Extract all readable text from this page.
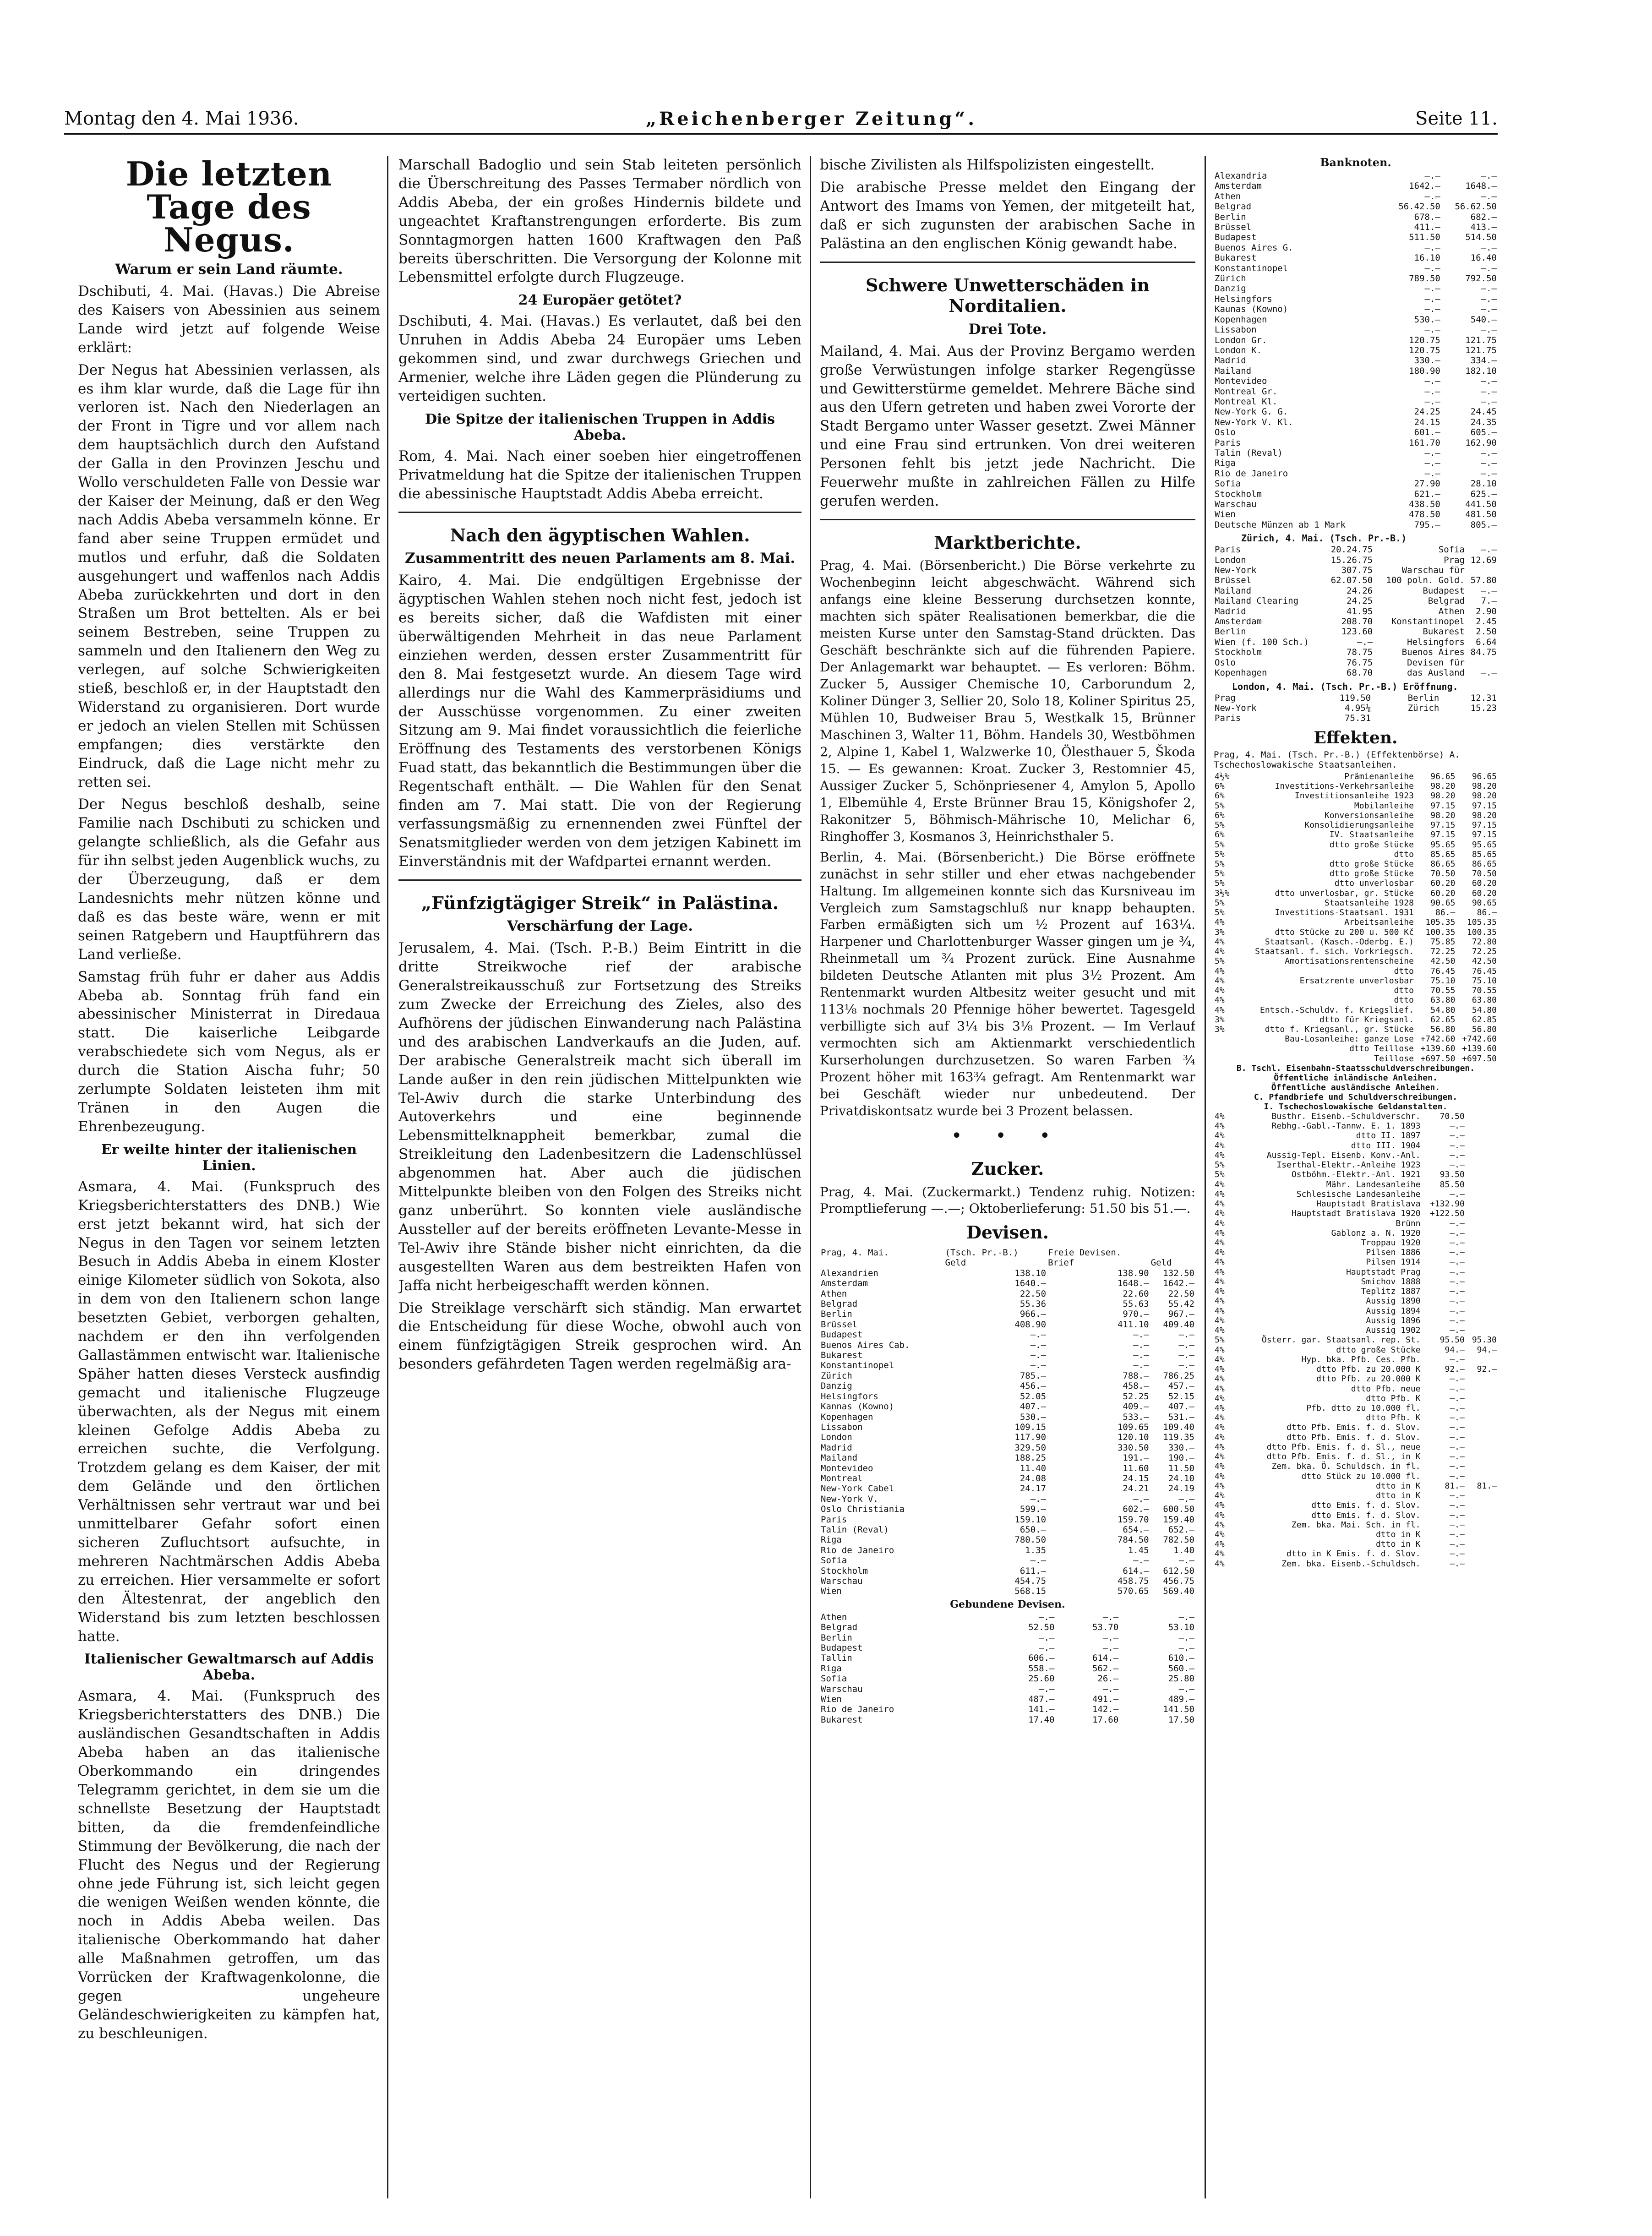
Montag den 4. Mai 1936.	„Reichenberger Zeitung“.	Seite 11.
Die letzten Tage des Negus.
Warum er sein Land räumte.

Dschibuti, 4. Mai. (Havas.) Die Abreise des Kaisers von Abessinien aus seinem Lande wird jetzt auf folgende Weise erklärt:

Der Negus hat Abessinien verlassen, als es ihm klar wurde, daß die Lage für ihn verloren ist. Nach den Niederlagen an der Front in Tigre und vor allem nach dem hauptsächlich durch den Aufstand der Galla in den Provinzen Jeschu und Wollo verschuldeten Falle von Dessie war der Kaiser der Meinung, daß er den Weg nach Addis Abeba versammeln könne. Er fand aber seine Truppen ermüdet und mutlos und erfuhr, daß die Soldaten ausgehungert und waffenlos nach Addis Abeba zurückkehrten und dort in den Straßen um Brot bettelten. Als er bei seinem Bestreben, seine Truppen zu sammeln und den Italienern den Weg zu verlegen, auf solche Schwierigkeiten stieß, beschloß er, in der Hauptstadt den Widerstand zu organisieren. Dort wurde er jedoch an vielen Stellen mit Schüssen empfangen; dies verstärkte den Eindruck, daß die Lage nicht mehr zu retten sei.

Der Negus beschloß deshalb, seine Familie nach Dschibuti zu schicken und gelangte schließlich, als die Gefahr aus für ihn selbst jeden Augenblick wuchs, zu der Überzeugung, daß er dem Landesnichts mehr nützen könne und daß es das beste wäre, wenn er mit seinen Ratgebern und Hauptführern das Land verließe.

Samstag früh fuhr er daher aus Addis Abeba ab. Sonntag früh fand ein abessinischer Ministerrat in Diredaua statt. Die kaiserliche Leibgarde verabschiedete sich vom Negus, als er durch die Station Aischa fuhr; 50 zerlumpte Soldaten leisteten ihm mit Tränen in den Augen die Ehrenbezeugung.

Er weilte hinter der italienischen Linien.

Asmara, 4. Mai. (Funkspruch des Kriegsberichterstatters des DNB.) Wie erst jetzt bekannt wird, hat sich der Negus in den Tagen vor seinem letzten Besuch in Addis Abeba in einem Kloster einige Kilometer südlich von Sokota, also in dem von den Italienern schon lange besetzten Gebiet, verborgen gehalten, nachdem er den ihn verfolgenden Gallastämmen entwischt war. Italienische Späher hatten dieses Versteck ausfindig gemacht und italienische Flugzeuge überwachten, als der Negus mit einem kleinen Gefolge Addis Abeba zu erreichen suchte, die Verfolgung. Trotzdem gelang es dem Kaiser, der mit dem Gelände und den örtlichen Verhältnissen sehr vertraut war und bei unmittelbarer Gefahr sofort einen sicheren Zufluchtsort aufsuchte, in mehreren Nachtmärschen Addis Abeba zu erreichen. Hier versammelte er sofort den Ältestenrat, der angeblich den Widerstand bis zum letzten beschlossen hatte.

Italienischer Gewaltmarsch auf Addis Abeba.

Asmara, 4. Mai. (Funkspruch des Kriegsberichterstatters des DNB.) Die ausländischen Gesandtschaften in Addis Abeba haben an das italienische Oberkommando ein dringendes Telegramm gerichtet, in dem sie um die schnellste Besetzung der Hauptstadt bitten, da die fremdenfeindliche Stimmung der Bevölkerung, die nach der Flucht des Negus und der Regierung ohne jede Führung ist, sich leicht gegen die wenigen Weißen wenden könnte, die noch in Addis Abeba weilen. Das italienische Oberkommando hat daher alle Maßnahmen getroffen, um das Vorrücken der Kraftwagenkolonne, die gegen ungeheure Geländeschwierigkeiten zu kämpfen hat, zu beschleunigen.

Marschall Badoglio und sein Stab leiteten persönlich die Überschreitung des Passes Termaber nördlich von Addis Abeba, der ein großes Hindernis bildete und ungeachtet Kraftanstrengungen erforderte. Bis zum Sonntagmorgen hatten 1600 Kraftwagen den Paß bereits überschritten. Die Versorgung der Kolonne mit Lebensmittel erfolgte durch Flugzeuge.

24 Europäer getötet?

Dschibuti, 4. Mai. (Havas.) Es verlautet, daß bei den Unruhen in Addis Abeba 24 Europäer ums Leben gekommen sind, und zwar durchwegs Griechen und Armenier, welche ihre Läden gegen die Plünderung zu verteidigen suchten.

Die Spitze der italienischen Truppen in Addis Abeba.

Rom, 4. Mai. Nach einer soeben hier eingetroffenen Privatmeldung hat die Spitze der italienischen Truppen die abessinische Hauptstadt Addis Abeba erreicht.

Nach den ägyptischen Wahlen.
Zusammentritt des neuen Parlaments am 8. Mai.

Kairo, 4. Mai. Die endgültigen Ergebnisse der ägyptischen Wahlen stehen noch nicht fest, jedoch ist es bereits sicher, daß die Wafdisten mit einer überwältigenden Mehrheit in das neue Parlament einziehen werden, dessen erster Zusammentritt für den 8. Mai festgesetzt wurde. An diesem Tage wird allerdings nur die Wahl des Kammerpräsidiums und der Ausschüsse vorgenommen. Zu einer zweiten Sitzung am 9. Mai findet voraussichtlich die feierliche Eröffnung des Testaments des verstorbenen Königs Fuad statt, das bekanntlich die Bestimmungen über die Regentschaft enthält. — Die Wahlen für den Senat finden am 7. Mai statt. Die von der Regierung verfassungsmäßig zu ernennenden zwei Fünftel der Senatsmitglieder werden von dem jetzigen Kabinett im Einverständnis mit der Wafdpartei ernannt werden.

„Fünfzigtägiger Streik“ in Palästina.
Verschärfung der Lage.

Jerusalem, 4. Mai. (Tsch. P.-B.) Beim Eintritt in die dritte Streikwoche rief der arabische Generalstreikausschuß zur Fortsetzung des Streiks zum Zwecke der Erreichung des Zieles, also des Aufhörens der jüdischen Einwanderung nach Palästina und des arabischen Landverkaufs an die Juden, auf. Der arabische Generalstreik macht sich überall im Lande außer in den rein jüdischen Mittelpunkten wie Tel-Awiv durch die starke Unterbindung des Autoverkehrs und eine beginnende Lebensmittelknappheit bemerkbar, zumal die Streikleitung den Ladenbesitzern die Ladenschlüssel abgenommen hat. Aber auch die jüdischen Mittelpunkte bleiben von den Folgen des Streiks nicht ganz unberührt. So konnten viele ausländische Aussteller auf der bereits eröffneten Levante-Messe in Tel-Awiv ihre Stände bisher nicht einrichten, da die ausgestellten Waren aus dem bestreikten Hafen von Jaffa nicht herbeigeschafft werden können.

Die Streiklage verschärft sich ständig. Man erwartet die Entscheidung für diese Woche, obwohl auch von einem fünfzigtägigen Streik gesprochen wird. An besonders gefährdeten Tagen werden regelmäßig ara-

bische Zivilisten als Hilfspolizisten eingestellt.

Die arabische Presse meldet den Eingang der Antwort des Imams von Yemen, der mitgeteilt hat, daß er sich zugunsten der arabischen Sache in Palästina an den englischen König gewandt habe.

Schwere Unwetterschäden in Norditalien.
Drei Tote.

Mailand, 4. Mai. Aus der Provinz Bergamo werden große Verwüstungen infolge starker Regengüsse und Gewitterstürme gemeldet. Mehrere Bäche sind aus den Ufern getreten und haben zwei Vororte der Stadt Bergamo unter Wasser gesetzt. Zwei Männer und eine Frau sind ertrunken. Von drei weiteren Personen fehlt bis jetzt jede Nachricht. Die Feuerwehr mußte in zahlreichen Fällen zu Hilfe gerufen werden.

Marktberichte.

Prag, 4. Mai. (Börsenbericht.) Die Börse verkehrte zu Wochenbeginn leicht abgeschwächt. Während sich anfangs eine kleine Besserung durchsetzen konnte, machten sich später Realisationen bemerkbar, die die meisten Kurse unter den Samstag-Stand drückten. Das Geschäft beschränkte sich auf die führenden Papiere. Der Anlagemarkt war behauptet. — Es verloren: Böhm. Zucker 5, Aussiger Chemische 10, Carborundum 2, Koliner Dünger 3, Sellier 20, Solo 18, Koliner Spiritus 25, Mühlen 10, Budweiser Brau 5, Westkalk 15, Brünner Maschinen 3, Walter 11, Böhm. Handels 30, Westböhmen 2, Alpine 1, Kabel 1, Walzwerke 10, Ölesthauer 5, Škoda 15. — Es gewannen: Kroat. Zucker 3, Restomnier 45, Aussiger Zucker 5, Schönpriesener 4, Amylon 5, Apollo 1, Elbemühle 4, Erste Brünner Brau 15, Königshofer 2, Rakonitzer 5, Böhmisch-Mährische 10, Melichar 6, Ringhoffer 3, Kosmanos 3, Heinrichsthaler 5.

Berlin, 4. Mai. (Börsenbericht.) Die Börse eröffnete zunächst in sehr stiller und eher etwas nachgebender Haltung. Im allgemeinen konnte sich das Kursniveau im Vergleich zum Samstagschluß nur knapp behaupten. Farben ermäßigten sich um ½ Prozent auf 163¼. Harpener und Charlottenburger Wasser gingen um je ¾, Rheinmetall um ¾ Prozent zurück. Eine Ausnahme bildeten Deutsche Atlanten mit plus 3½ Prozent. Am Rentenmarkt wurden Altbesitz weiter gesucht und mit 113⅛ nochmals 20 Pfennige höher bewertet. Tagesgeld verbilligte sich auf 3¼ bis 3⅛ Prozent. — Im Verlauf vermochten sich am Aktienmarkt verschiedentlich Kurserholungen durchzusetzen. So waren Farben ¾ Prozent höher mit 163¾ gefragt. Am Rentenmarkt war bei Geschäft wieder nur unbedeutend. Der Privatdiskontsatz wurde bei 3 Prozent belassen.

• • •
Zucker.

Prag, 4. Mai. (Zuckermarkt.) Tendenz ruhig. Notizen: Promptlieferung —.—; Oktoberlieferung: 51.50 bis 51.—.

Devisen.
Prag, 4. Mai.	(Tsch. Pr.-B.)	Freie Devisen.	
	Geld	Brief	Geld
Alexandrien	138.10	138.90	132.50
Amsterdam	1640.—	1648.—	1642.—
Athen	22.50	22.60	22.50
Belgrad	55.36	55.63	55.42
Berlin	966.—	970.—	967.—
Brüssel	408.90	411.10	409.40
Budapest	—.—	—.—	—.—
Buenos Aires Cab.	—.—	—.—	—.—
Bukarest	—.—	—.—	—.—
Konstantinopel	—.—	—.—	—.—
Zürich	785.—	788.—	786.25
Danzig	456.—	458.—	457.—
Helsingfors	52.05	52.25	52.15
Kannas (Kowno)	407.—	409.—	407.—
Kopenhagen	530.—	533.—	531.—
Lissabon	109.15	109.65	109.40
London	117.90	120.10	119.35
Madrid	329.50	330.50	330.—
Mailand	188.25	191.—	190.—
Montevideo	11.40	11.60	11.50
Montreal	24.08	24.15	24.10
New-York Cabel	24.17	24.21	24.19
New-York V.	—.—	—.—	—.—
Oslo Christiania	599.—	602.—	600.50
Paris	159.10	159.70	159.40
Talin (Reval)	650.—	654.—	652.—
Riga	780.50	784.50	782.50
Rio de Janeiro	1.35	1.45	1.40
Sofia	—.—	—.—	—.—
Stockholm	611.—	614.—	612.50
Warschau	454.75	458.75	456.75
Wien	568.15	570.65	569.40
Gebundene Devisen.
Athen	—.—	—.—	—.—
Belgrad	52.50	53.70	53.10
Berlin	—.—	—.—	—.—
Budapest	—.—	—.—	—.—
Tallin	606.—	614.—	610.—
Riga	558.—	562.—	560.—
Sofia	25.60	26.—	25.80
Warschau	—.—	—.—	—.—
Wien	487.—	491.—	489.—
Rio de Janeiro	141.—	142.—	141.50
Bukarest	17.40	17.60	17.50
Banknoten.
Alexandria	—.—	—.—
Amsterdam	1642.—	1648.—
Athen	—.—	—.—
Belgrad	56.42.50	56.62.50
Berlin	678.—	682.—
Brüssel	411.—	413.—
Budapest	511.50	514.50
Buenos Aires G.	—.—	—.—
Bukarest	16.10	16.40
Konstantinopel	—.—	—.—
Zürich	789.50	792.50
Danzig	—.—	—.—
Helsingfors	—.—	—.—
Kaunas (Kowno)	—.—	—.—
Kopenhagen	530.—	540.—
Lissabon	—.—	—.—
London Gr.	120.75	121.75
London K.	120.75	121.75
Madrid	330.—	334.—
Mailand	180.90	182.10
Montevideo	—.—	—.—
Montreal Gr.	—.—	—.—
Montreal Kl.	—.—	—.—
New-York G. G.	24.25	24.45
New-York V. Kl.	24.15	24.35
Oslo	601.—	605.—
Paris	161.70	162.90
Talin (Reval)	—.—	—.—
Riga	—.—	—.—
Rio de Janeiro	—.—	—.—
Sofia	27.90	28.10
Stockholm	621.—	625.—
Warschau	438.50	441.50
Wien	478.50	481.50
Deutsche Münzen ab 1 Mark	795.—	805.—
Zürich, 4. Mai. (Tsch. Pr.-B.)
Paris	20.24.75	Sofia	—.—
London	15.26.75	Prag	12.69
New-York	307.75	Warschau für	
Brüssel	62.07.50	100 poln. Gold.	57.80
Mailand	24.26	Budapest	—.—
Mailand Clearing	24.25	Belgrad	7.—
Madrid	41.95	Athen	2.90
Amsterdam	208.70	Konstantinopel	2.45
Berlin	123.60	Bukarest	2.50
Wien (f. 100 Sch.)	—.—	Helsingfors	6.64
Stockholm	78.75	Buenos Aires	84.75
Oslo	76.75	Devisen für	
Kopenhagen	68.70	das Ausland	—.—
London, 4. Mai. (Tsch. Pr.-B.) Eröffnung.
Prag	119.50	Berlin	12.31
New-York	4.95⅛	Zürich	15.23
Paris	75.31		
Effekten.
Prag, 4. Mai. (Tsch. Pr.-B.) (Effektenbörse) A. Tschechoslowakische Staatsanleihen.
4½%	Prämienanleihe	96.65	96.65
6%	Investitions-Verkehrsanleihe	98.20	98.20
6%	Investitionsanleihe 1923	98.20	98.20
5%	Mobilanleihe	97.15	97.15
6%	Konversionsanleihe	98.20	98.20
5%	Konsolidierungsanleihe	97.15	97.15
6%	IV. Staatsanleihe	97.15	97.15
5%	dtto große Stücke	95.65	95.65
5%	dtto	85.65	85.65
5%	dtto große Stücke	86.65	86.65
5%	dtto große Stücke	70.50	70.50
5%	dtto unverlosbar	60.20	60.20
3½%	dtto unverlosbar, gr. Stücke	60.20	60.20
5%	Staatsanleihe 1928	90.65	90.65
5%	Investitions-Staatsanl. 1931	86.—	86.—
4%	Arbeitsanleihe	105.35	105.35
3%	dtto Stücke zu 200 u. 500 Kč	100.35	100.35
4%	Staatsanl. (Kasch.-Oderbg. E.)	75.85	72.80
4%	Staatsanl. f. sich. Vorkriegsch.	72.25	72.25
5%	Amortisationsrentenscheine	42.50	42.50
4%	dtto	76.45	76.45
4%	Ersatzrente unverlosbar	75.10	75.10
4%	dtto	70.55	70.55
4%	dtto	63.80	63.80
4%	Entsch.-Schuldv. f. Kriegslief.	54.80	54.80
3%	dtto für Kriegsanl.	62.65	62.85
3%	dtto f. Kriegsanl., gr. Stücke	56.80	56.80
	Bau-Losanleihe: ganze Lose	+742.60	+742.60
	dtto Teillose	+139.60	+139.60
	Teillose	+697.50	+697.50
B. Tschl. Eisenbahn-Staatsschuldverschreibungen.
Öffentliche inländische Anleihen.
Öffentliche ausländische Anleihen.
C. Pfandbriefe und Schuldverschreibungen.
I. Tschechoslowakische Geldanstalten.
4%	Busthr. Eisenb.-Schuldverschr.	70.50	
4%	Rebhg.-Gabl.-Tannw. E. 1. 1893	—.—	
4%	dtto II. 1897	—.—	
4%	dtto III. 1904	—.—	
4%	Aussig-Tepl. Eisenb. Konv.-Anl.	—.—	
5%	Iserthal-Elektr.-Anleihe 1923	—.—	
5%	Ostböhm.-Elektr.-Anl. 1921	93.50	
4%	Mähr. Landesanleihe	85.50	
4%	Schlesische Landesanleihe	—.—	
4%	Hauptstadt Bratislava	+132.90	
4%	Hauptstadt Bratislava 1920	+122.50	
4%	Brünn	—.—	
4%	Gablonz a. N. 1920	—.—	
4%	Troppau 1920	—.—	
4%	Pilsen 1886	—.—	
4%	Pilsen 1914	—.—	
4%	Hauptstadt Prag	—.—	
4%	Smichov 1888	—.—	
4%	Teplitz 1887	—.—	
4%	Aussig 1890	—.—	
4%	Aussig 1894	—.—	
4%	Aussig 1896	—.—	
4%	Aussig 1902	—.—	
5%	Österr. gar. Staatsanl. rep. St.	95.50	95.30
4%	dtto große Stücke	94.—	94.—
4%	Hyp. bka. Pfb. Ces. Pfb.	—.—	
4%	dtto Pfb. zu 20.000 K	92.—	92.—
4%	dtto Pfb. zu 20.000 K	—.—	
4%	dtto Pfb. neue	—.—	
4%	dtto Pfb. K	—.—	
4%	Pfb. dtto zu 10.000 fl.	—.—	
4%	dtto Pfb. K	—.—	
4%	dtto Pfb. Emis. f. d. Slov.	—.—	
4%	dtto Pfb. Emis. f. d. Slov.	—.—	
4%	dtto Pfb. Emis. f. d. Sl., neue	—.—	
4%	dtto Pfb. Emis. f. d. Sl., in K	—.—	
4%	Zem. bka. Ö. Schuldsch. in fl.	—.—	
4%	dtto Stück zu 10.000 fl.	—.—	
4%	dtto in K	81.—	81.—
4%	dtto in K	—.—	
4%	dtto Emis. f. d. Slov.	—.—	
4%	dtto Emis. f. d. Slov.	—.—	
4%	Zem. bka. Mai. Sch. in fl.	—.—	
4%	dtto in K	—.—	
4%	dtto in K	—.—	
4%	dtto in K Emis. f. d. Slov.	—.—	
4%	Zem. bka. Eisenb.-Schuldsch.	—.—	
